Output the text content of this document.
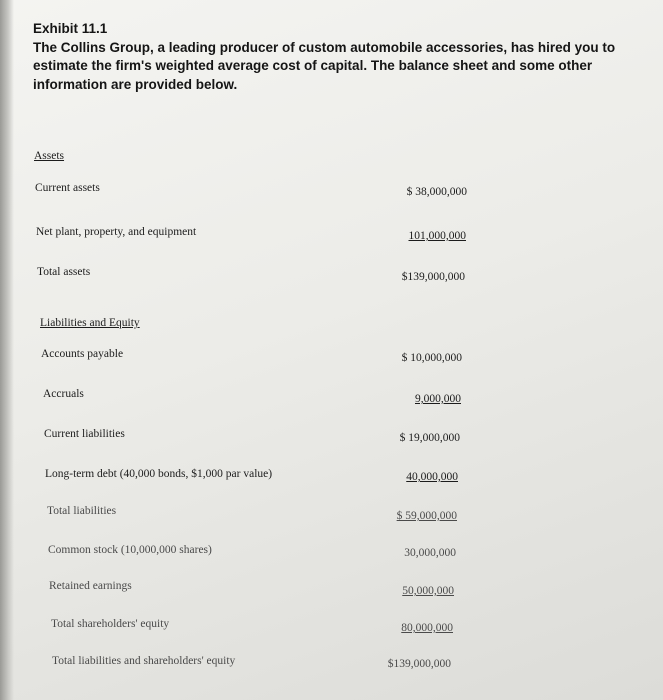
Exhibit 11.1
The Collins Group, a leading producer of custom automobile accessories, has hired you to estimate the firm's weighted average cost of capital. The balance sheet and some other information are provided below.
Assets
Current assets	$ 38,000,000
Net plant, property, and equipment	101,000,000
Total assets	$139,000,000
Liabilities and Equity
Accounts payable	$ 10,000,000
Accruals	9,000,000
Current liabilities	$ 19,000,000
Long-term debt (40,000 bonds, $1,000 par value)	40,000,000
Total liabilities	$ 59,000,000
Common stock (10,000,000 shares)	30,000,000
Retained earnings	50,000,000
Total shareholders' equity	80,000,000
Total liabilities and shareholders' equity	$139,000,000
